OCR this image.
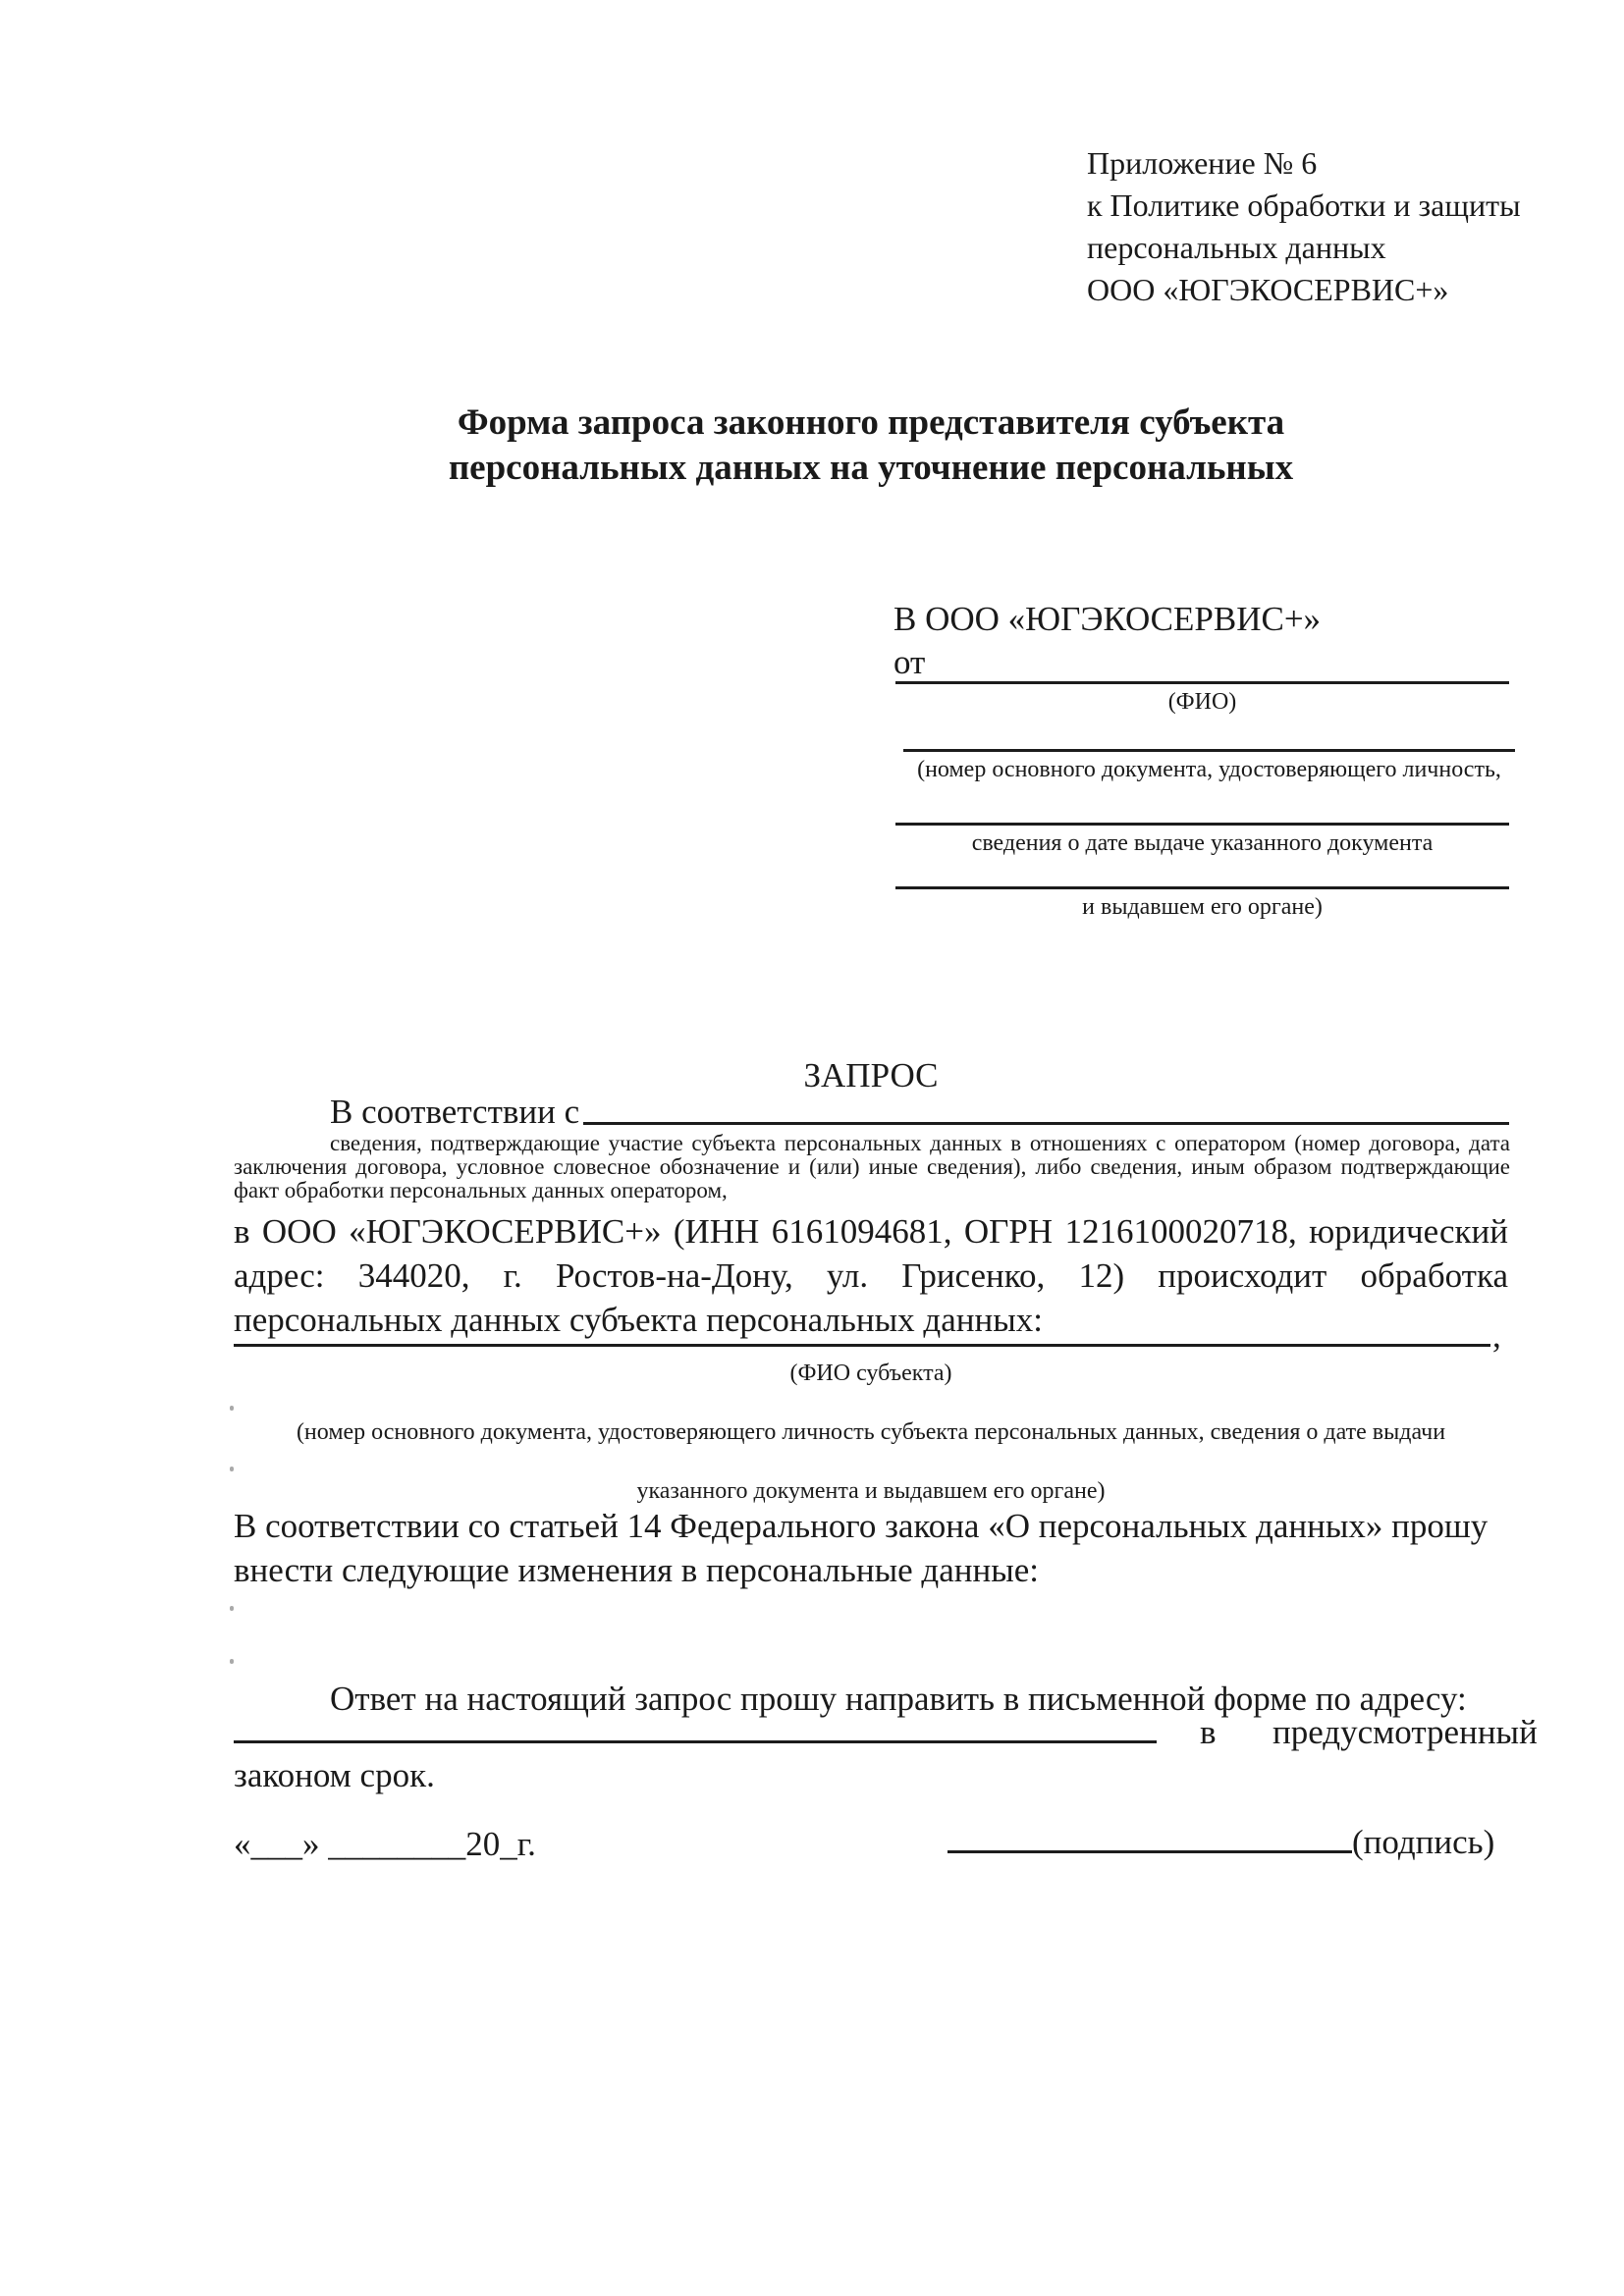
Приложение № 6
к Политике обработки и защиты
персональных данных
ООО «ЮГЭКОСЕРВИС+»
Форма запроса законного представителя субъекта
персональных данных на уточнение персональных
В ООО «ЮГЭКОСЕРВИС+»
от
(ФИО)
(номер основного документа, удостоверяющего личность,
сведения о дате выдаче указанного документа
и выдавшем его органе)
ЗАПРОС
В соответствии с
сведения, подтверждающие участие субъекта персональных данных в отношениях с оператором (номер договора, дата заключения договора, условное словесное обозначение и (или) иные сведения), либо сведения, иным образом подтверждающие факт обработки персональных данных оператором,
в ООО «ЮГЭКОСЕРВИС+» (ИНН 6161094681, ОГРН 1216100020718, юридический адрес: 344020, г. Ростов-на-Дону, ул. Грисенко, 12) происходит обработка персональных данных субъекта персональных данных:	,
(ФИО субъекта)
(номер основного документа, удостоверяющего личность субъекта персональных данных, сведения о дате выдачи
указанного документа и выдавшем его органе)
В соответствии со статьей 14 Федерального закона «О персональных данных» прошу внести следующие изменения в персональные данные:
Ответ на настоящий запрос прошу направить в письменной форме по адресу:
в предусмотренный
законом срок.
«___» ________20_г.	(подпись)
